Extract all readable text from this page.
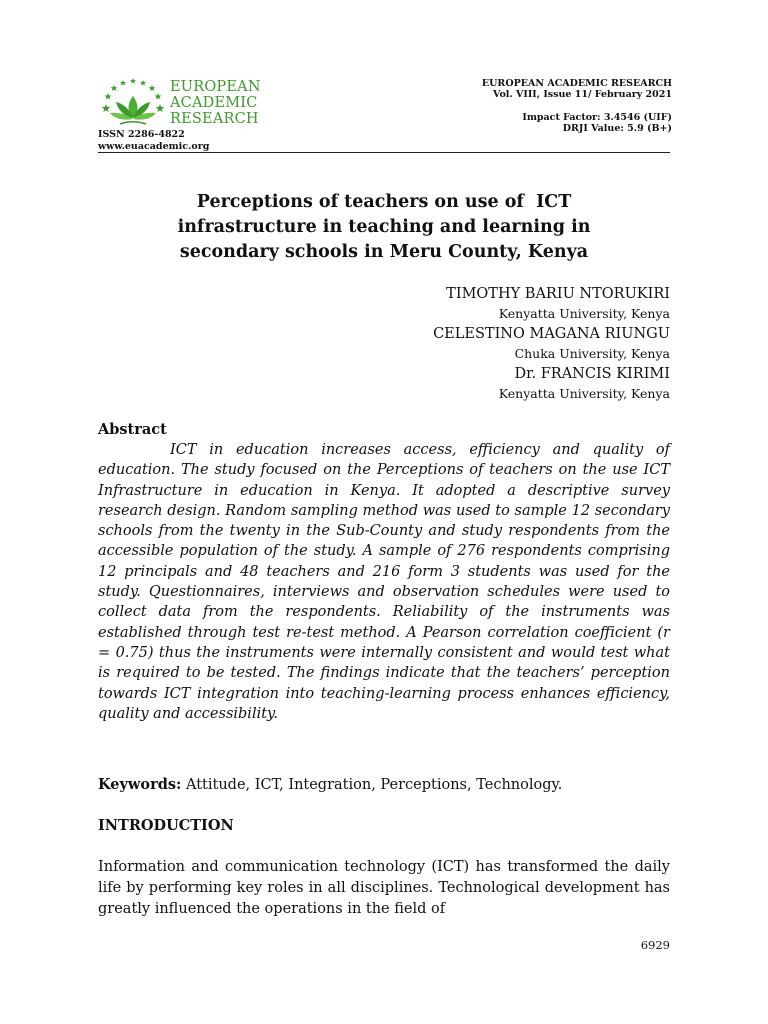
EUROPEAN
ACADEMIC
RESEARCH
ISSN 2286-4822
www.euacademic.org
EUROPEAN ACADEMIC RESEARCH
Vol. VIII, Issue 11/ February 2021
Impact Factor: 3.4546 (UIF)
DRJI Value: 5.9 (B+)
Perceptions of teachers on use of  ICT
infrastructure in teaching and learning in
secondary schools in Meru County, Kenya
TIMOTHY BARIU NTORUKIRI
Kenyatta University, Kenya
CELESTINO MAGANA RIUNGU
Chuka University, Kenya
Dr. FRANCIS KIRIMI
Kenyatta University, Kenya
Abstract

ICT in education increases access, efficiency and quality of education. The study focused on the Perceptions of teachers on the use ICT Infrastructure in education in Kenya. It adopted a descriptive survey research design. Random sampling method was used to sample 12 secondary schools from the twenty in the Sub-County and study respondents from the accessible population of the study. A sample of 276 respondents comprising 12 principals and 48 teachers and 216 form 3 students was used for the study. Questionnaires, interviews and observation schedules were used to collect data from the respondents. Reliability of the instruments was established through test re-test method. A Pearson correlation coefficient (r = 0.75) thus the instruments were internally consistent and would test what is required to be tested. The findings indicate that the teachers’ perception towards ICT integration into teaching-learning process enhances efficiency, quality and accessibility.

Keywords: Attitude, ICT, Integration, Perceptions, Technology.
INTRODUCTION

Information and communication technology (ICT) has transformed the daily life by performing key roles in all disciplines. Technological development has greatly influenced the operations in the field of

6929
